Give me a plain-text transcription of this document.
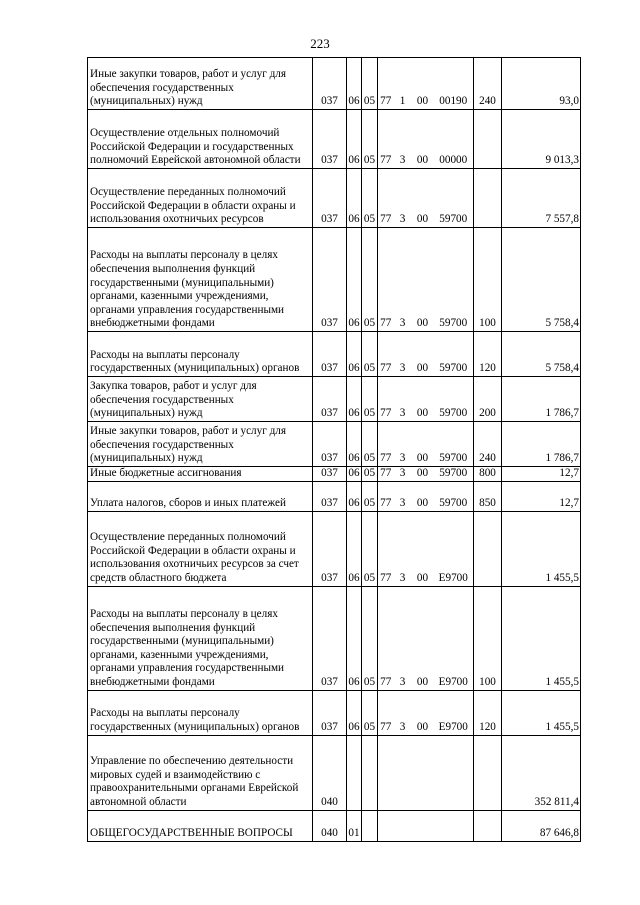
223
Иные закупки товаров, работ и услуг для обеспечения государственных (муниципальных) нужд	037	06	05	77	1	00	00190	240	93,0
Осуществление отдельных полномочий Российской Федерации и государственных полномочий Еврейской автономной области	037	06	05	77	3	00	00000		9 013,3
Осуществление переданных полномочий Российской Федерации в области охраны и использования охотничьих ресурсов	037	06	05	77	3	00	59700		7 557,8
Расходы на выплаты персоналу в целях обеспечения выполнения функций государственными (муниципальными) органами, казенными учреждениями, органами управления государственными внебюджетными фондами	037	06	05	77	3	00	59700	100	5 758,4
Расходы на выплаты персоналу государственных (муниципальных) органов	037	06	05	77	3	00	59700	120	5 758,4
Закупка товаров, работ и услуг для обеспечения государственных (муниципальных) нужд	037	06	05	77	3	00	59700	200	1 786,7
Иные закупки товаров, работ и услуг для обеспечения государственных (муниципальных) нужд	037	06	05	77	3	00	59700	240	1 786,7
Иные бюджетные ассигнования	037	06	05	77	3	00	59700	800	12,7
Уплата налогов, сборов и иных платежей	037	06	05	77	3	00	59700	850	12,7
Осуществление переданных полномочий Российской Федерации в области охраны и использования охотничьих ресурсов за счет средств областного бюджета	037	06	05	77	3	00	Е9700		1 455,5
Расходы на выплаты персоналу в целях обеспечения выполнения функций государственными (муниципальными) органами, казенными учреждениями, органами управления государственными внебюджетными фондами	037	06	05	77	3	00	Е9700	100	1 455,5
Расходы на выплаты персоналу государственных (муниципальных) органов	037	06	05	77	3	00	Е9700	120	1 455,5
Управление по обеспечению деятельности мировых судей и взаимодействию с правоохранительными органами Еврейской автономной области	040								352 811,4
ОБЩЕГОСУДАРСТВЕННЫЕ ВОПРОСЫ	040	01							87 646,8
